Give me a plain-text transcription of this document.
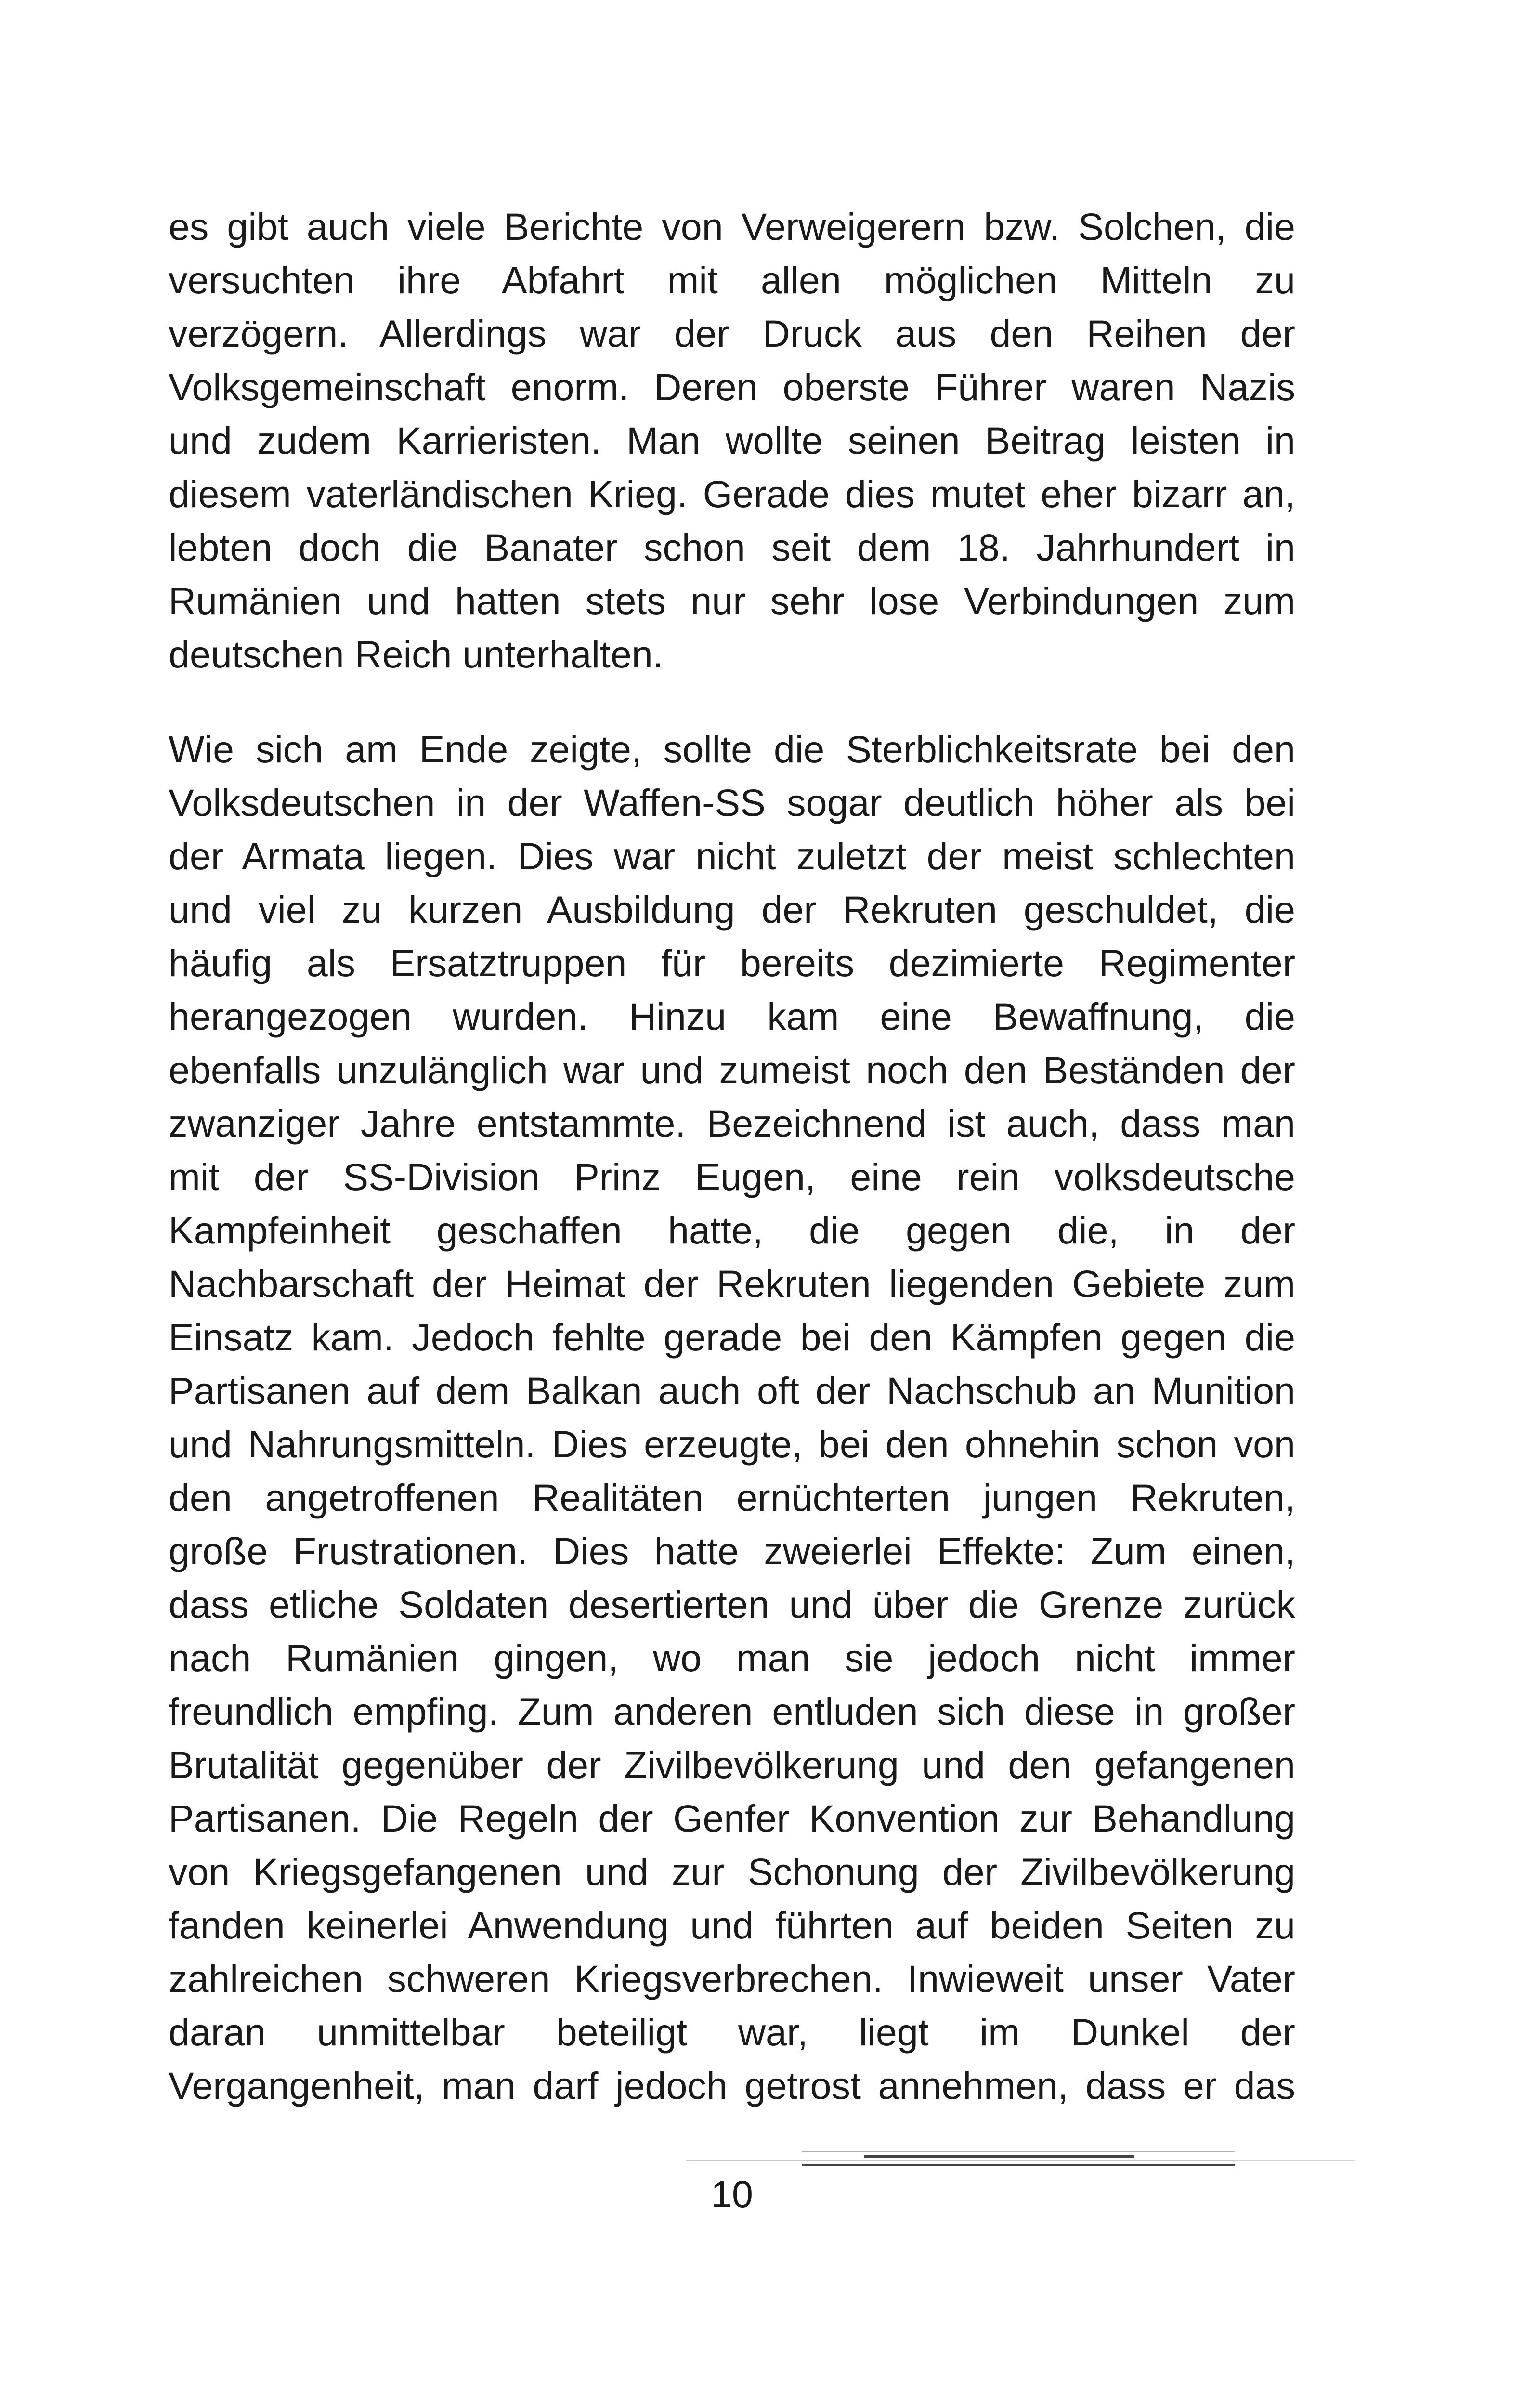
es gibt auch viele Berichte von Verweigerern bzw. Solchen, die
versuchten ihre Abfahrt mit allen möglichen Mitteln zu
verzögern. Allerdings war der Druck aus den Reihen der
Volksgemeinschaft enorm. Deren oberste Führer waren Nazis
und zudem Karrieristen. Man wollte seinen Beitrag leisten in
diesem vaterländischen Krieg. Gerade dies mutet eher bizarr an,
lebten doch die Banater schon seit dem 18. Jahrhundert in
Rumänien und hatten stets nur sehr lose Verbindungen zum
deutschen Reich unterhalten.
Wie sich am Ende zeigte, sollte die Sterblichkeitsrate bei den
Volksdeutschen in der Waffen-SS sogar deutlich höher als bei
der Armata liegen. Dies war nicht zuletzt der meist schlechten
und viel zu kurzen Ausbildung der Rekruten geschuldet, die
häufig als Ersatztruppen für bereits dezimierte Regimenter
herangezogen wurden. Hinzu kam eine Bewaffnung, die
ebenfalls unzulänglich war und zumeist noch den Beständen der
zwanziger Jahre entstammte. Bezeichnend ist auch, dass man
mit der SS-Division Prinz Eugen, eine rein volksdeutsche
Kampfeinheit geschaffen hatte, die gegen die, in der
Nachbarschaft der Heimat der Rekruten liegenden Gebiete zum
Einsatz kam. Jedoch fehlte gerade bei den Kämpfen gegen die
Partisanen auf dem Balkan auch oft der Nachschub an Munition
und Nahrungsmitteln. Dies erzeugte, bei den ohnehin schon von
den angetroffenen Realitäten ernüchterten jungen Rekruten,
große Frustrationen. Dies hatte zweierlei Effekte: Zum einen,
dass etliche Soldaten desertierten und über die Grenze zurück
nach Rumänien gingen, wo man sie jedoch nicht immer
freundlich empfing. Zum anderen entluden sich diese in großer
Brutalität gegenüber der Zivilbevölkerung und den gefangenen
Partisanen. Die Regeln der Genfer Konvention zur Behandlung
von Kriegsgefangenen und zur Schonung der Zivilbevölkerung
fanden keinerlei Anwendung und führten auf beiden Seiten zu
zahlreichen schweren Kriegsverbrechen. Inwieweit unser Vater
daran unmittelbar beteiligt war, liegt im Dunkel der
Vergangenheit, man darf jedoch getrost annehmen, dass er das
10
